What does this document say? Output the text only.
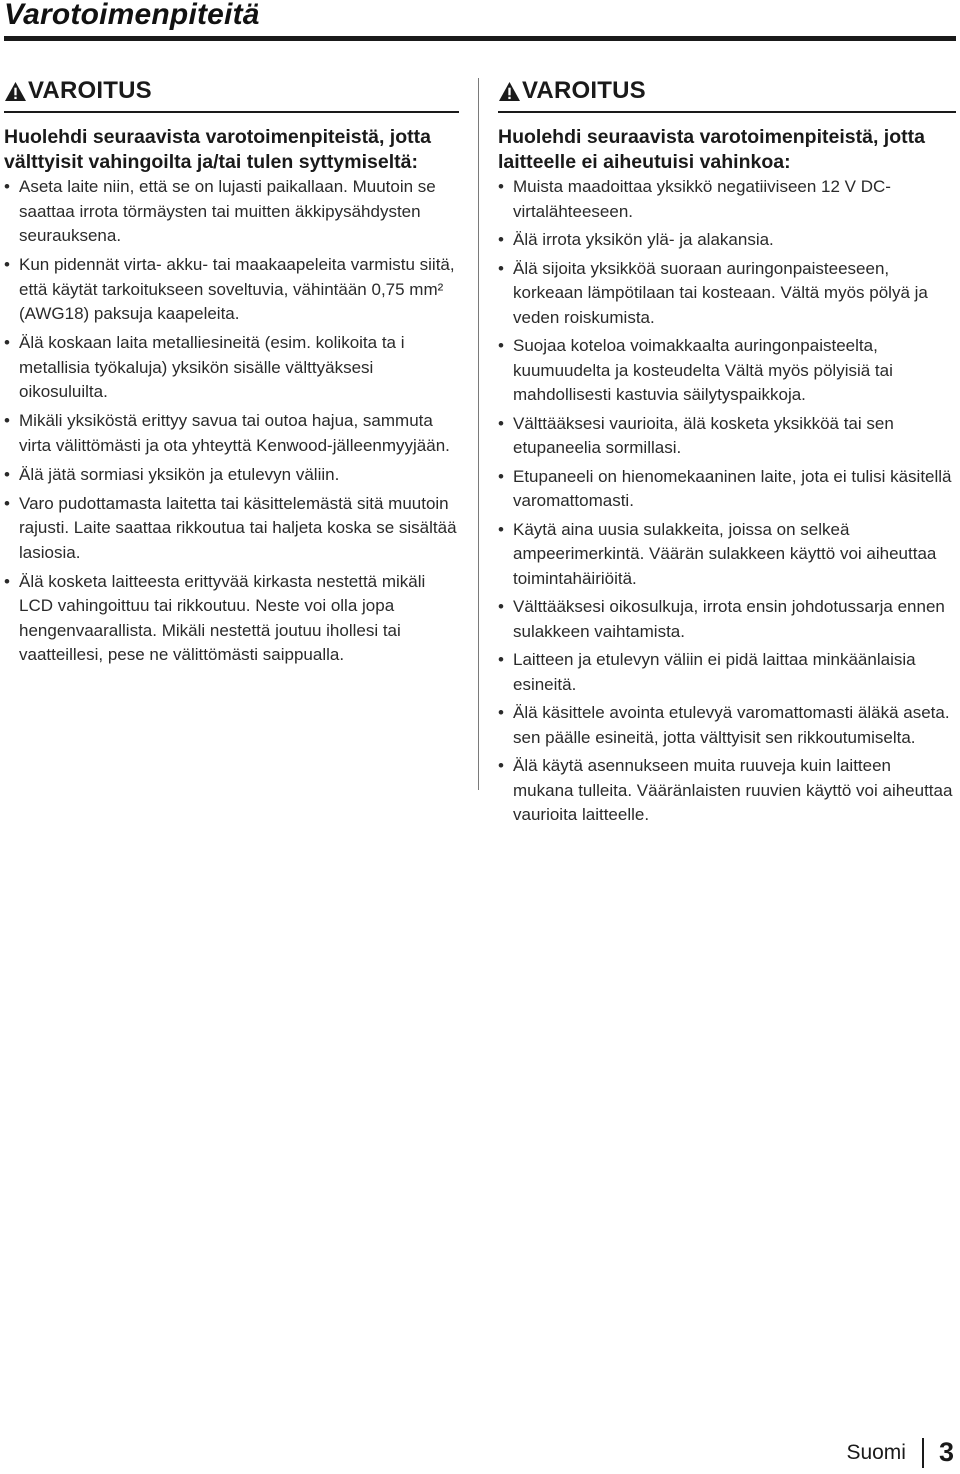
Varotoimenpiteitä
VAROITUS

Huolehdi seuraavista varotoimenpiteistä, jotta välttyisit vahingoilta ja/tai tulen syttymiseltä:

• Aseta laite niin, että se on lujasti paikallaan. Muutoin se saattaa irrota törmäysten tai muitten äkkipysähdysten seurauksena.
• Kun pidennät virta- akku- tai maakaapeleita varmistu siitä, että käytät tarkoitukseen soveltuvia, vähintään 0,75 mm² (AWG18) paksuja kaapeleita.
• Älä koskaan laita metalliesineitä (esim. kolikoita ta i metallisia työkaluja) yksikön sisälle välttyäksesi oikosuluilta.
• Mikäli yksiköstä erittyy savua tai outoa hajua, sammuta virta välittömästi ja ota yhteyttä Kenwood-jälleenmyyjään.
• Älä jätä sormiasi yksikön ja etulevyn väliin.
• Varo pudottamasta laitetta tai käsittelemästä sitä muutoin rajusti. Laite saattaa rikkoutua tai haljeta koska se sisältää lasiosia.
• Älä kosketa laitteesta erittyvää kirkasta nestettä mikäli LCD vahingoittuu tai rikkoutuu. Neste voi olla jopa hengenvaarallista. Mikäli nestettä joutuu ihollesi tai vaatteillesi, pese ne välittömästi saippualla.
VAROITUS

Huolehdi seuraavista varotoimenpiteistä, jotta laitteelle ei aiheutuisi vahinkoa:

• Muista maadoittaa yksikkö negatiiviseen 12 V DC-virtalähteeseen.
• Älä irrota yksikön ylä- ja alakansia.
• Älä sijoita yksikköä suoraan auringonpaisteeseen, korkeaan lämpötilaan tai kosteaan. Vältä myös pölyä ja veden roiskumista.
• Suojaa koteloa voimakkaalta auringonpaisteelta, kuumuudelta ja kosteudelta Vältä myös pölyisiä tai mahdollisesti kastuvia säilytyspaikkoja.
• Välttääksesi vaurioita, älä kosketa yksikköä tai sen etupaneelia sormillasi.
• Etupaneeli on hienomekaaninen laite, jota ei tulisi käsitellä varomattomasti.
• Käytä aina uusia sulakkeita, joissa on selkeä ampeerimerkintä. Väärän sulakkeen käyttö voi aiheuttaa toimintahäiriöitä.
• Välttääksesi oikosulkuja, irrota ensin johdotussarja ennen sulakkeen vaihtamista.
• Laitteen ja etulevyn väliin ei pidä laittaa minkäänlaisia esineitä.
• Älä käsittele avointa etulevyä varomattomasti äläkä aseta. sen päälle esineitä, jotta välttyisit sen rikkoutumiselta.
• Älä käytä asennukseen muita ruuveja kuin laitteen mukana tulleita. Vääränlaisten ruuvien käyttö voi aiheuttaa vaurioita laitteelle.
Suomi 3
